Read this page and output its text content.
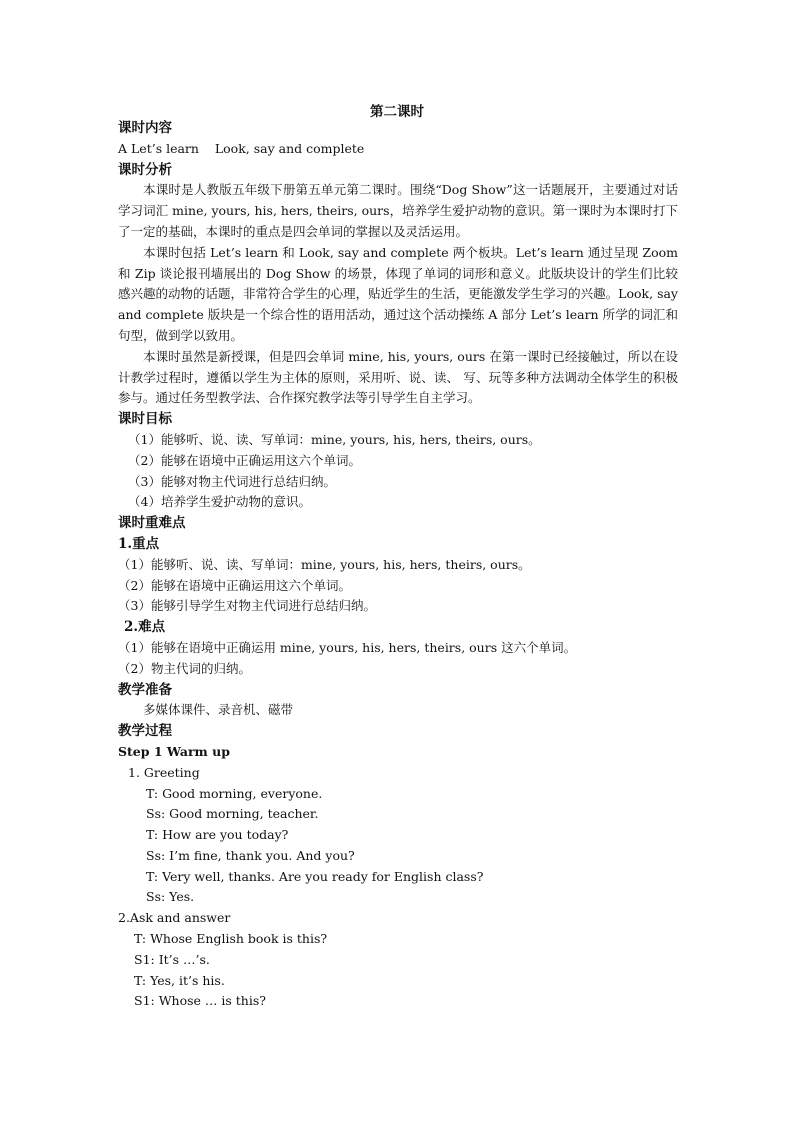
第二课时
课时内容
A Let’s learn    Look, say and complete
课时分析
本课时是人教版五年级下册第五单元第二课时。围绕“Dog Show”这一话题展开，主要通过对话学习词汇 mine, yours, his, hers, theirs, ours，培养学生爱护动物的意识。第一课时为本课时打下了一定的基础，本课时的重点是四会单词的掌握以及灵活运用。
本课时包括 Let’s learn 和 Look, say and complete 两个板块。Let’s learn 通过呈现 Zoom 和 Zip 谈论报刊墙展出的 Dog Show 的场景，体现了单词的词形和意义。此版块设计的学生们比较感兴趣的动物的话题，非常符合学生的心理，贴近学生的生活，更能激发学生学习的兴趣。Look, say and complete 版块是一个综合性的语用活动，通过这个活动操练 A 部分 Let’s learn 所学的词汇和句型，做到学以致用。
本课时虽然是新授课，但是四会单词 mine, his, yours, ours 在第一课时已经接触过，所以在设计教学过程时，遵循以学生为主体的原则，采用听、说、读、 写、玩等多种方法调动全体学生的积极参与。通过任务型教学法、合作探究教学法等引导学生自主学习。
课时目标
（1）能够听、说、读、写单词：mine, yours, his, hers, theirs, ours。
（2）能够在语境中正确运用这六个单词。
（3）能够对物主代词进行总结归纳。
（4）培养学生爱护动物的意识。
课时重难点
1.重点
（1）能够听、说、读、写单词：mine, yours, his, hers, theirs, ours。
（2）能够在语境中正确运用这六个单词。
（3）能够引导学生对物主代词进行总结归纳。
2.难点
（1）能够在语境中正确运用 mine, yours, his, hers, theirs, ours 这六个单词。
（2）物主代词的归纳。
教学准备
多媒体课件、录音机、磁带
教学过程
Step 1 Warm up
1. Greeting
T: Good morning, everyone.
Ss: Good morning, teacher.
T: How are you today?
Ss: I’m fine, thank you. And you?
T: Very well, thanks. Are you ready for English class?
Ss: Yes.
2.Ask and answer
T: Whose English book is this?
S1: It’s …’s.
T: Yes, it’s his.
S1: Whose … is this?
